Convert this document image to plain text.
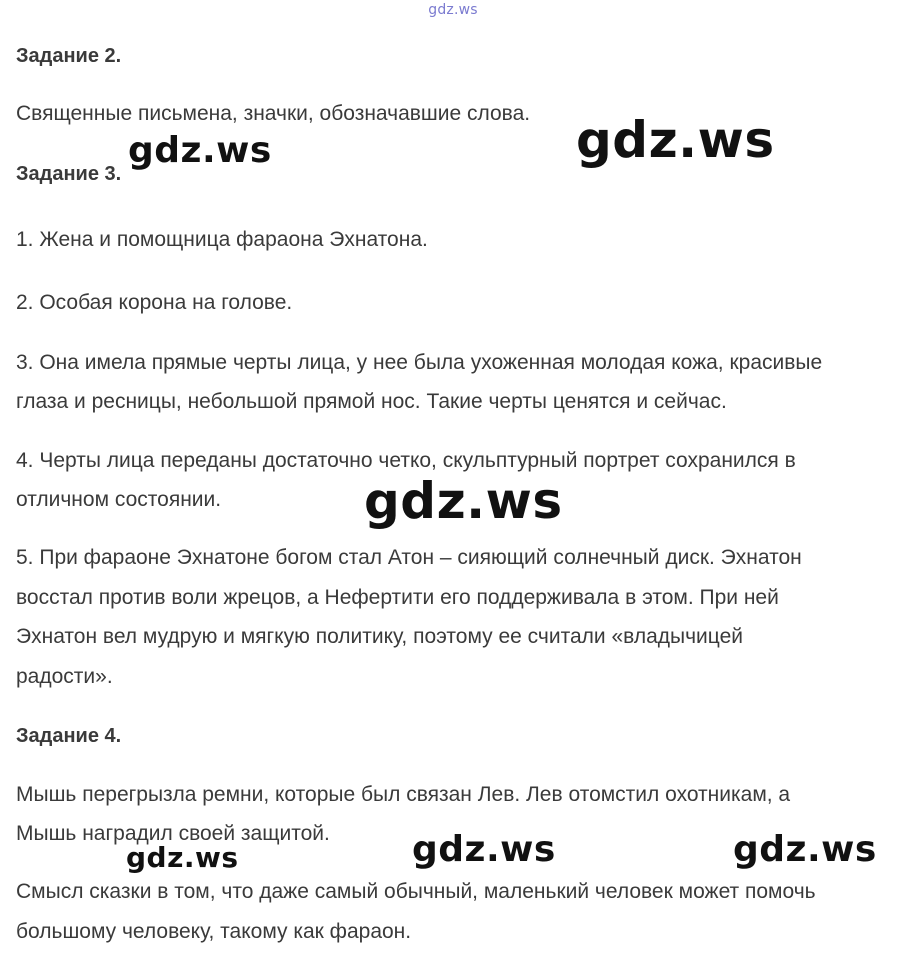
gdz.ws
Задание 2.
Священные письмена, значки, обозначавшие слова.
Задание 3.
1. Жена и помощница фараона Эхнатона.
2. Особая корона на голове.
3. Она имела прямые черты лица, у нее была ухоженная молодая кожа, красивые
глаза и ресницы, небольшой прямой нос. Такие черты ценятся и сейчас.
4. Черты лица переданы достаточно четко, скульптурный портрет сохранился в
отличном состоянии.
5. При фараоне Эхнатоне богом стал Атон – сияющий солнечный диск. Эхнатон
восстал против воли жрецов, а Нефертити его поддерживала в этом. При ней
Эхнатон вел мудрую и мягкую политику, поэтому ее считали «владычицей
радости».
Задание 4.
Мышь перегрызла ремни, которые был связан Лев. Лев отомстил охотникам, а
Мышь наградил своей защитой.
Смысл сказки в том, что даже самый обычный, маленький человек может помочь
большому человеку, такому как фараон.
gdz.ws	gdz.ws
gdz.ws
gdz.ws	gdz.ws	gdz.ws
